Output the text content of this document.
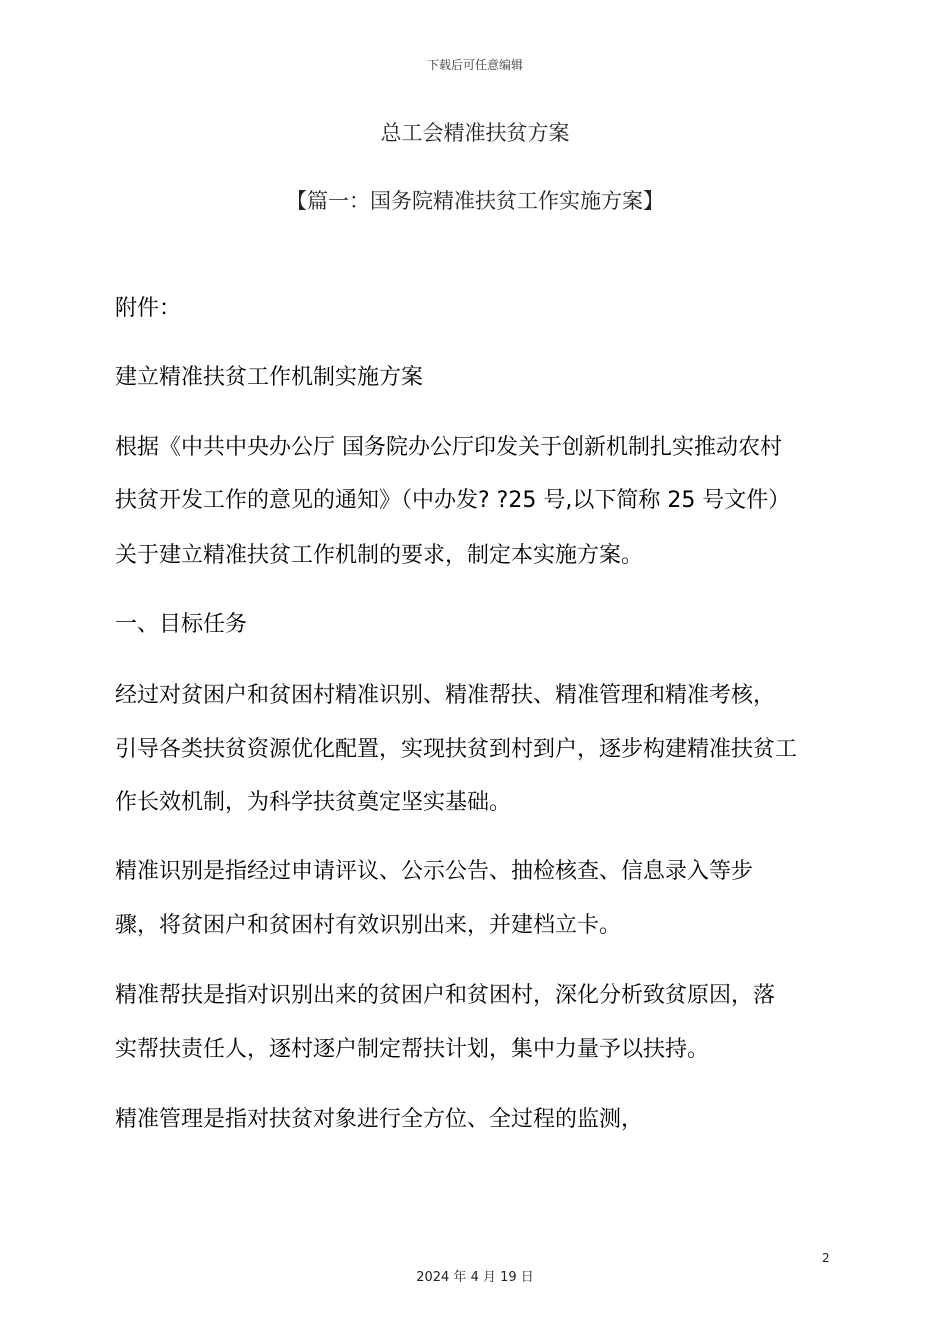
下载后可任意编辑
总工会精准扶贫方案
【篇一：国务院精准扶贫工作实施方案】
附件：
建立精准扶贫工作机制实施方案
根据《中共中央办公厅 国务院办公厅印发关于创新机制扎实推动农村
扶贫开发工作的意见的通知》（中办发? ?25 号,以下简称 25 号文件）
关于建立精准扶贫工作机制的要求，制定本实施方案。
一、目标任务
经过对贫困户和贫困村精准识别、精准帮扶、精准管理和精准考核，
引导各类扶贫资源优化配置，实现扶贫到村到户，逐步构建精准扶贫工
作长效机制，为科学扶贫奠定坚实基础。
精准识别是指经过申请评议、公示公告、抽检核查、信息录入等步
骤，将贫困户和贫困村有效识别出来，并建档立卡。
精准帮扶是指对识别出来的贫困户和贫困村，深化分析致贫原因，落
实帮扶责任人，逐村逐户制定帮扶计划，集中力量予以扶持。
精准管理是指对扶贫对象进行全方位、全过程的监测，
2
2024 年 4 月 19 日
